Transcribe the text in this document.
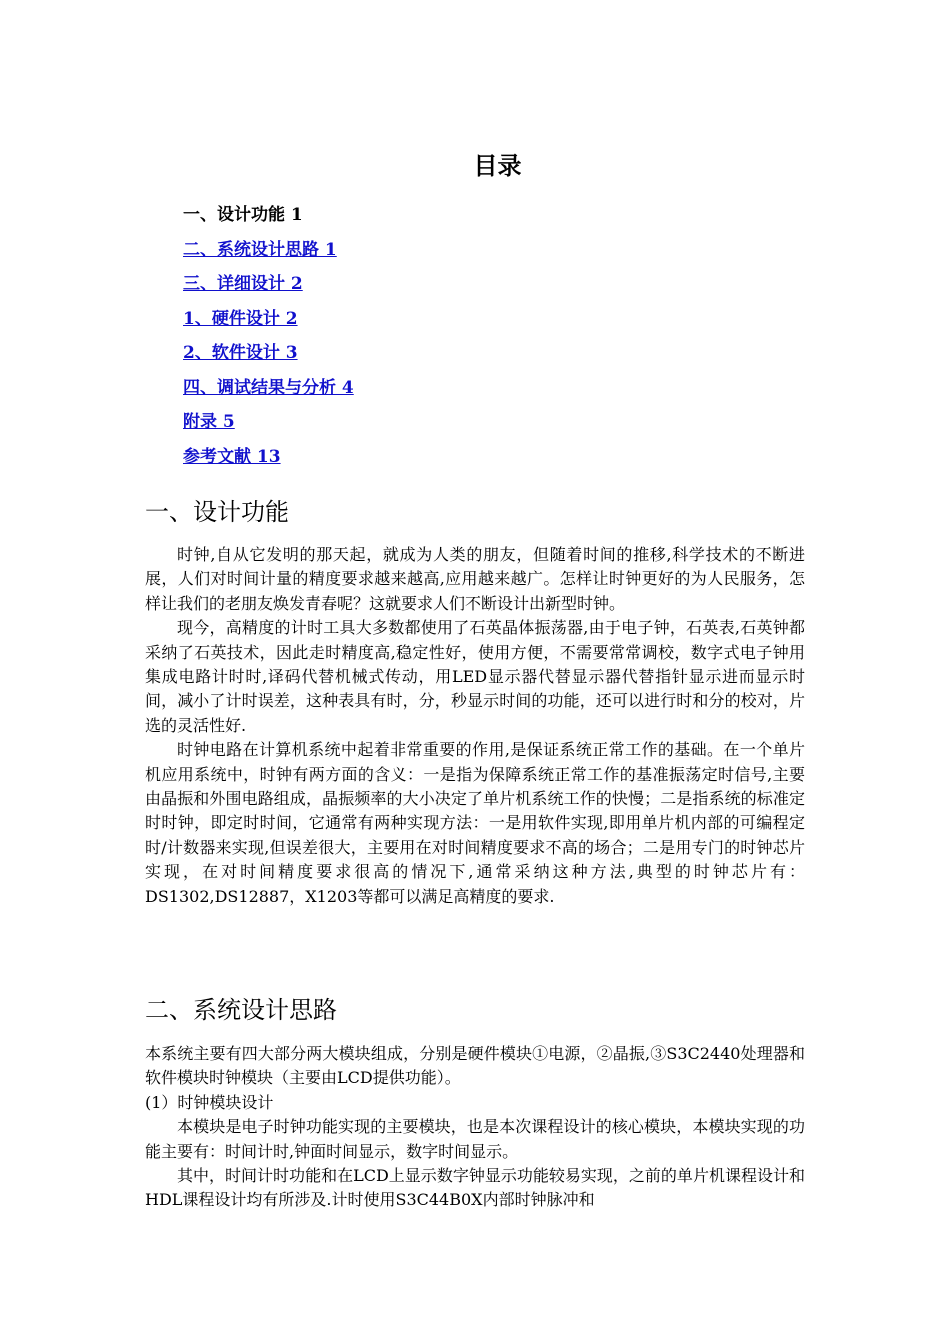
目录
一、设计功能 1
二、系统设计思路 1
三、详细设计 2
1、硬件设计 2
2、软件设计 3
四、调试结果与分析 4
附录 5
参考文献 13
一、设计功能

时钟,自从它发明的那天起，就成为人类的朋友，但随着时间的推移,科学技术的不断进展，人们对时间计量的精度要求越来越高,应用越来越广。怎样让时钟更好的为人民服务，怎样让我们的老朋友焕发青春呢？这就要求人们不断设计出新型时钟。

现今，高精度的计时工具大多数都使用了石英晶体振荡器,由于电子钟，石英表,石英钟都采纳了石英技术，因此走时精度高,稳定性好，使用方便，不需要常常调校，数字式电子钟用集成电路计时时,译码代替机械式传动，用LED显示器代替显示器代替指针显示进而显示时间，减小了计时误差，这种表具有时，分，秒显示时间的功能，还可以进行时和分的校对，片选的灵活性好.

时钟电路在计算机系统中起着非常重要的作用,是保证系统正常工作的基础。在一个单片机应用系统中，时钟有两方面的含义：一是指为保障系统正常工作的基准振荡定时信号,主要由晶振和外围电路组成，晶振频率的大小决定了单片机系统工作的快慢；二是指系统的标准定时时钟，即定时时间，它通常有两种实现方法：一是用软件实现,即用单片机内部的可编程定时/计数器来实现,但误差很大，主要用在对时间精度要求不高的场合；二是用专门的时钟芯片实现，在对时间精度要求很高的情况下,通常采纳这种方法,典型的时钟芯片有：DS1302,DS12887，X1203等都可以满足高精度的要求.

二、系统设计思路

本系统主要有四大部分两大模块组成，分别是硬件模块①电源，②晶振,③S3C2440处理器和软件模块时钟模块（主要由LCD提供功能）。

(1）时钟模块设计

本模块是电子时钟功能实现的主要模块，也是本次课程设计的核心模块，本模块实现的功能主要有：时间计时,钟面时间显示，数字时间显示。

其中，时间计时功能和在LCD上显示数字钟显示功能较易实现，之前的单片机课程设计和HDL课程设计均有所涉及.计时使用S3C44B0X内部时钟脉冲和
